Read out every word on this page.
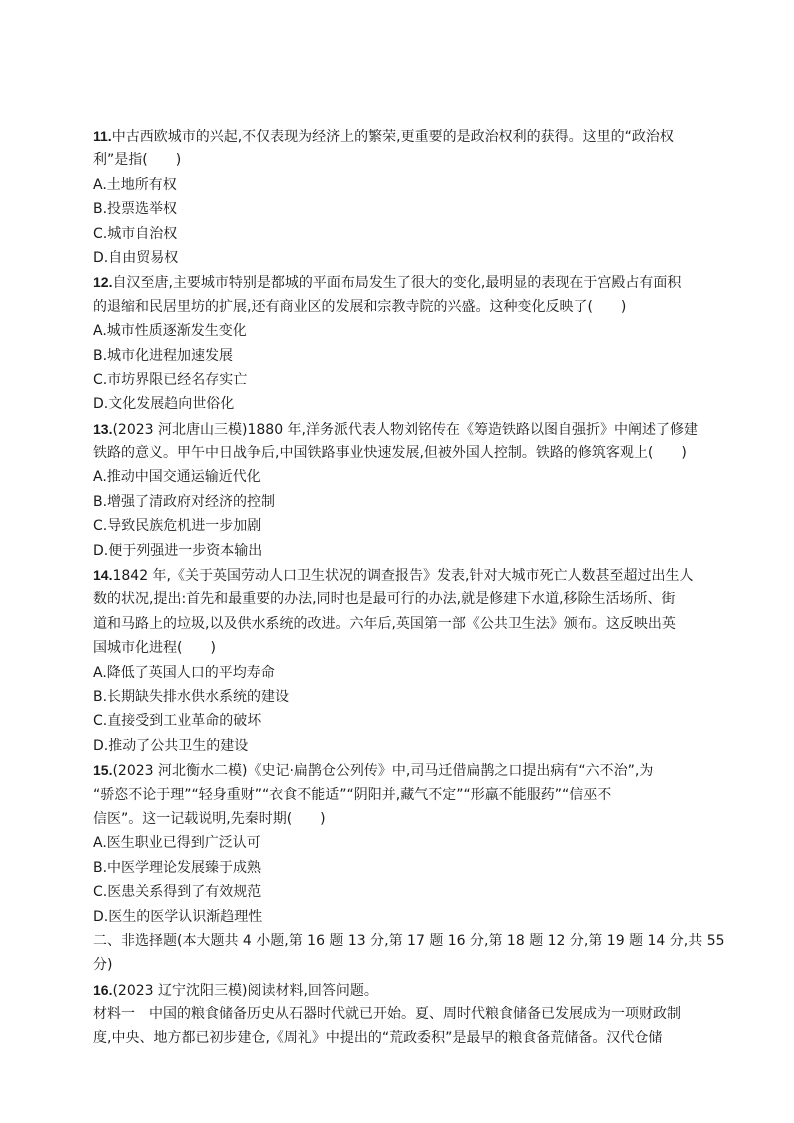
11.中古西欧城市的兴起,不仅表现为经济上的繁荣,更重要的是政治权利的获得。这里的“政治权
利”是指(　　)
A.土地所有权
B.投票选举权
C.城市自治权
D.自由贸易权
12.自汉至唐,主要城市特别是都城的平面布局发生了很大的变化,最明显的表现在于宫殿占有面积
的退缩和民居里坊的扩展,还有商业区的发展和宗教寺院的兴盛。这种变化反映了(　　)
A.城市性质逐渐发生变化
B.城市化进程加速发展
C.市坊界限已经名存实亡
D.文化发展趋向世俗化
13.(2023 河北唐山三模)1880 年,洋务派代表人物刘铭传在《筹造铁路以图自强折》中阐述了修建
铁路的意义。甲午中日战争后,中国铁路事业快速发展,但被外国人控制。铁路的修筑客观上(　　)
A.推动中国交通运输近代化
B.增强了清政府对经济的控制
C.导致民族危机进一步加剧
D.便于列强进一步资本输出
14.1842 年,《关于英国劳动人口卫生状况的调查报告》发表,针对大城市死亡人数甚至超过出生人
数的状况,提出:首先和最重要的办法,同时也是最可行的办法,就是修建下水道,移除生活场所、街
道和马路上的垃圾,以及供水系统的改进。六年后,英国第一部《公共卫生法》颁布。这反映出英
国城市化进程(　　)
A.降低了英国人口的平均寿命
B.长期缺失排水供水系统的建设
C.直接受到工业革命的破坏
D.推动了公共卫生的建设
15.(2023 河北衡水二模)《史记·扁鹊仓公列传》中,司马迁借扁鹊之口提出病有“六不治”,为
“骄恣不论于理”“轻身重财”“衣食不能适”“阴阳并,藏气不定”“形羸不能服药”“信巫不
信医”。这一记载说明,先秦时期(　　)
A.医生职业已得到广泛认可
B.中医学理论发展臻于成熟
C.医患关系得到了有效规范
D.医生的医学认识渐趋理性
二、非选择题(本大题共 4 小题,第 16 题 13 分,第 17 题 16 分,第 18 题 12 分,第 19 题 14 分,共 55
分)
16.(2023 辽宁沈阳三模)阅读材料,回答问题。
材料一　中国的粮食储备历史从石器时代就已开始。夏、周时代粮食储备已发展成为一项财政制
度,中央、地方都已初步建仓,《周礼》中提出的“荒政委积”是最早的粮食备荒储备。汉代仓储
